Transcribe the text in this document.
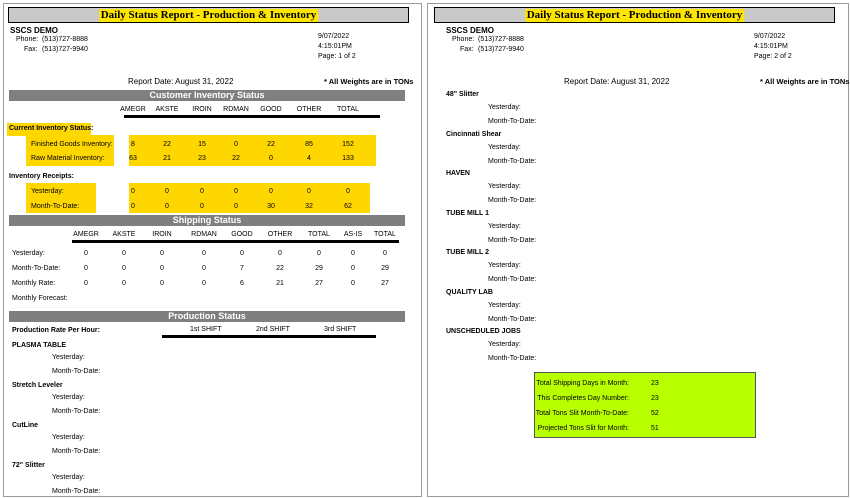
Daily Status Report - Production & Inventory
SSCS DEMO
Phone: (513)727-8888
Fax: (513)727-9940
9/07/2022
4:15:01PM
Page: 1 of 2
Report Date: August 31, 2022	* All Weights are in TONs
Customer Inventory Status
AMEGR	AKSTE	IROIN	RDMAN	GOOD	OTHER	TOTAL
Current Inventory Status:
Finished Goods Inventory:	8	22	15	0	22	85	152
Raw Material Inventory:	63	21	23	22	0	4	133
Inventory Receipts:
Yesterday:	0	0	0	0	0	0	0
Month-To-Date:	0	0	0	0	30	32	62
Shipping Status
AMEGR	AKSTE	IROIN	RDMAN	GOOD	OTHER	TOTAL	AS-IS	TOTAL
Yesterday:	0	0	0	0	0	0	0	0	0
Month-To-Date:	0	0	0	0	7	22	29	0	29
Monthly Rate:	0	0	0	0	6	21	27	0	27
Monthly Forecast:
Production Status
Production Rate Per Hour:	1st SHIFT	2nd SHIFT	3rd SHIFT
PLASMA TABLE
Yesterday:
Month-To-Date:
Stretch Leveler
Yesterday:
Month-To-Date:
CutLine
Yesterday:
Month-To-Date:
72" Slitter
Yesterday:
Month-To-Date:
Daily Status Report - Production & Inventory
SSCS DEMO
Phone: (513)727-8888
Fax: (513)727-9940
9/07/2022
4:15:01PM
Page: 2 of 2
Report Date: August 31, 2022	* All Weights are in TONs
48" Slitter
Yesterday:
Month-To-Date:
Cincinnati Shear
Yesterday:
Month-To-Date:
HAVEN
Yesterday:
Month-To-Date:
TUBE MILL 1
Yesterday:
Month-To-Date:
TUBE MILL 2
Yesterday:
Month-To-Date:
QUALITY LAB
Yesterday:
Month-To-Date:
UNSCHEDULED JOBS
Yesterday:
Month-To-Date:
Total Shipping Days in Month:	23
This Completes Day Number:	23
Total Tons Slit Month-To-Date:	52
Projected Tons Slit for Month:	51
